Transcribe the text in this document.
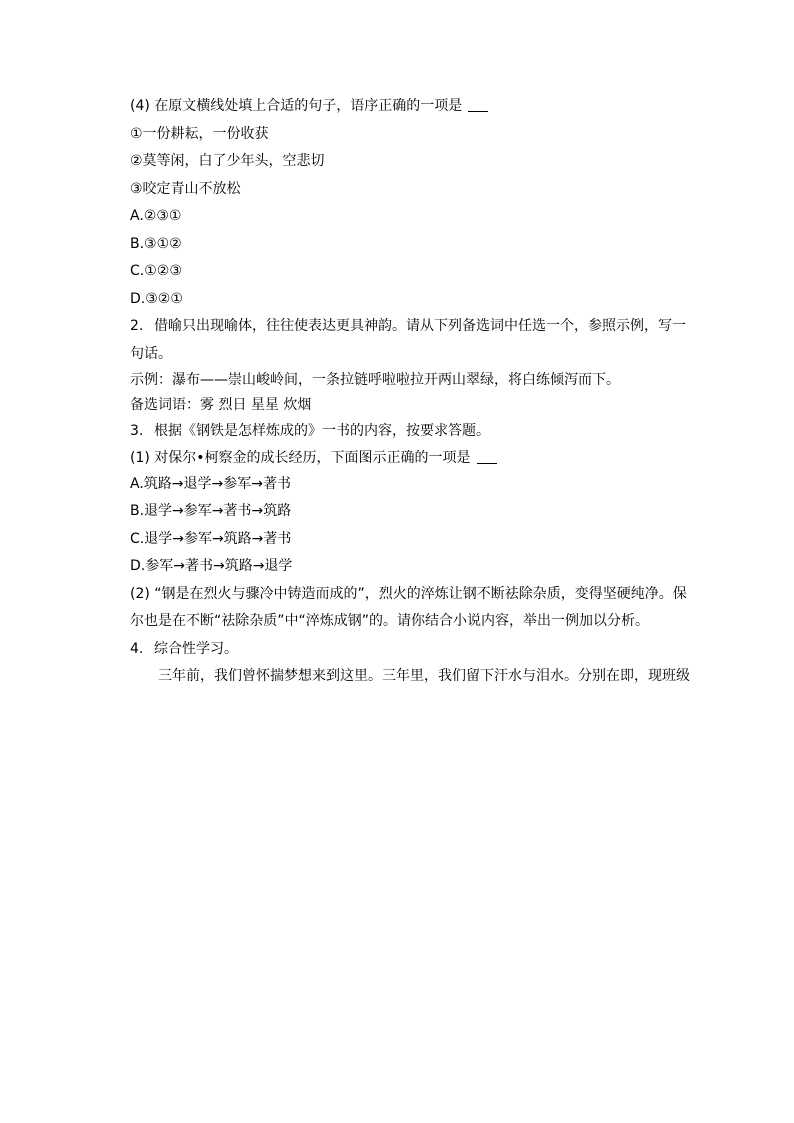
(4) 在原文横线处填上合适的句子，语序正确的一项是
①一份耕耘，一份收获
②莫等闲，白了少年头，空悲切
③咬定青山不放松
A.②③①
B.③①②
C.①②③
D.③②①
2. 借喻只出现喻体，往往使表达更具神韵。请从下列备选词中任选一个，参照示例，写一
句话。
示例：瀑布——崇山峻岭间，一条拉链呼啦啦拉开两山翠绿，将白练倾泻而下。
备选词语：雾 烈日 星星 炊烟
3. 根据《钢铁是怎样炼成的》一书的内容，按要求答题。
(1) 对保尔•柯察金的成长经历，下面图示正确的一项是
A.筑路→退学→参军→著书
B.退学→参军→著书→筑路
C.退学→参军→筑路→著书
D.参军→著书→筑路→退学
(2) “钢是在烈火与骤冷中铸造而成的”，烈火的淬炼让钢不断祛除杂质，变得坚硬纯净。保
尔也是在不断“祛除杂质”中“淬炼成钢”的。请你结合小说内容，举出一例加以分析。
4. 综合性学习。
三年前，我们曾怀揣梦想来到这里。三年里，我们留下汗水与泪水。分别在即，现班级
